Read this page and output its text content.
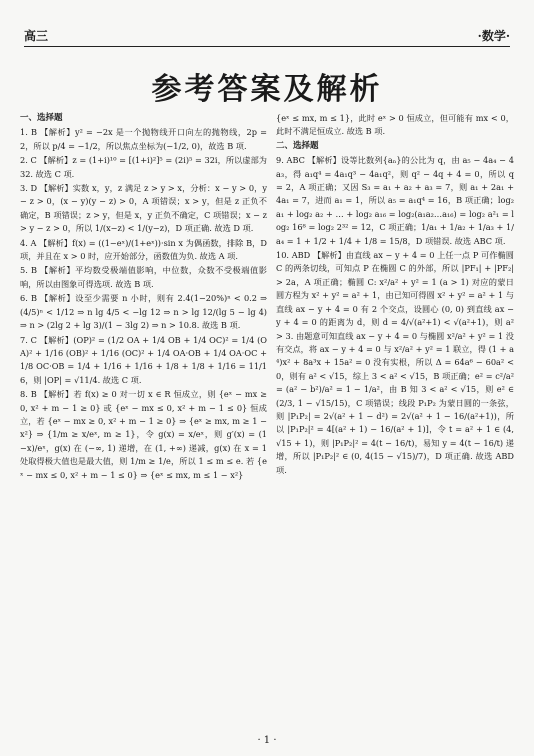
高三	·数学·
参考答案及解析
一、选择题
1. B 【解析】y² = −2x 是一个抛物线开口向左的抛物线，2p = 2，所以 p/4 = −1/2，所以焦点坐标为(−1/2, 0)，故选 B 项.
2. C 【解析】z = (1+i)¹⁰ = [(1+i)²]⁵ = (2i)⁵ = 32i，所以虚部为 32. 故选 C 项.
3. D 【解析】实数 x，y，z 满足 z > y > x，分析：x − y > 0，y − z > 0，(x − y)(y − z) > 0，A 项错误；x > y，但是 z 正负不确定，B 项错误；z > y，但是 x，y 正负不确定，C 项错误；x − z > y − z > 0，所以 1/(x−z) < 1/(y−z)，D 项正确. 故选 D 项.
4. A 【解析】f(x) = ((1−eˣ)/(1+eˣ))·sin x 为偶函数，排除 B，D 项，并且在 x > 0 时，应开始部分，函数值为负. 故选 A 项.
5. B 【解析】平均数受极端值影响，中位数，众数不受极端值影响，所以由图象可得选项. 故选 B 项.
6. B 【解析】设至少需要 n 小时，则有 2.4(1−20%)ⁿ < 0.2 ⇒ (4/5)ⁿ < 1/12 ⇒ n lg 4/5 < −lg 12 ⇒ n > lg 12/(lg 5 − lg 4) ⇒ n > (2lg 2 + lg 3)/(1 − 3lg 2) ⇒ n > 10.8. 故选 B 项.
7. C 【解析】(OP)² = (1/2 OA + 1/4 OB + 1/4 OC)² = 1/4 (OA)² + 1/16 (OB)² + 1/16 (OC)² + 1/4 OA·OB + 1/4 OA·OC + 1/8 OC·OB = 1/4 + 1/16 + 1/16 + 1/8 + 1/8 + 1/16 = 11/16，则 |OP| = √11/4. 故选 C 项.
8. B 【解析】若 f(x) ≥ 0 对一切 x ∈ R 恒成立，则 {eˣ − mx ≥ 0, x² + m − 1 ≥ 0} 或 {eˣ − mx ≤ 0, x² + m − 1 ≤ 0} 恒成立，若 {eˣ − mx ≥ 0, x² + m − 1 ≥ 0} ⇒ {eˣ ≥ mx, m ≥ 1 − x²} ⇒ {1/m ≥ x/eˣ, m ≥ 1}，令 g(x) = x/eˣ，则 g′(x) = (1−x)/eˣ，g(x) 在 (−∞, 1) 递增，在 (1, +∞) 递减，g(x) 在 x = 1 处取得极大值也是最大值，则 1/m ≥ 1/e，所以 1 ≤ m ≤ e. 若 {eˣ − mx ≤ 0, x² + m − 1 ≤ 0} ⇒ {eˣ ≤ mx, m ≤ 1 − x²}
{eˣ ≤ mx, m ≤ 1}，此时 eˣ > 0 恒成立，但可能有 mx < 0，此时不满足恒成立. 故选 B 项.
二、选择题
9. ABC 【解析】设等比数列{aₙ}的公比为 q，由 a₅ − 4a₄ − 4a₃，得 a₁q⁴ = 4a₁q³ − 4a₁q²，则 q² − 4q + 4 = 0，所以 q = 2，A 项正确；又因 S₃ = a₁ + a₂ + a₃ = 7，则 a₁ + 2a₁ + 4a₁ = 7，进而 a₁ = 1，所以 a₅ = a₁q⁴ = 16，B 项正确；log₂ a₁ + log₂ a₂ + … + log₂ a₁₆ = log₂(a₁a₂…a₁₆) = log₂ a²₁ = log₂ 16⁸ = log₂ 2³² = 12，C 项正确；1/a₁ + 1/a₂ + 1/a₃ + 1/a₄ = 1 + 1/2 + 1/4 + 1/8 = 15/8，D 项错误. 故选 ABC 项.
10. ABD 【解析】由直线 ax − y + 4 = 0 上任一点 P 可作椭圆 C 的两条切线，可知点 P 在椭圆 C 的外部，所以 |PF₁| + |PF₂| > 2a，A 项正确；椭圆 C: x²/a² + y² = 1 (a > 1) 对应的蒙日圆方程为 x² + y² = a² + 1，由已知可得圆 x² + y² = a² + 1 与直线 ax − y + 4 = 0 有 2 个交点，设圆心 (0, 0) 到直线 ax − y + 4 = 0 的距离为 d，则 d = 4/√(a²+1) < √(a²+1)，则 a² > 3. 由题意可知直线 ax − y + 4 = 0 与椭圆 x²/a² + y² = 1 没有交点，将 ax − y + 4 = 0 与 x²/a² + y² = 1 联立，得 (1 + a⁴)x² + 8a³x + 15a² = 0 没有实根，所以 Δ = 64a⁶ − 60a² < 0，则有 a² < √15，综上 3 < a² < √15，B 项正确；e² = c²/a² = (a² − b²)/a² = 1 − 1/a²，由 B 知 3 < a² < √15，则 e² ∈ (2/3, 1 − √15/15)，C 项错误；线段 P₁P₂ 为蒙日圆的一条弦，则 |P₁P₂| = 2√(a² + 1 − d²) = 2√(a² + 1 − 16/(a²+1))，所以 |P₁P₂|² = 4[(a² + 1) − 16/(a² + 1)]，令 t = a² + 1 ∈ (4, √15 + 1)，则 |P₁P₂|² = 4(t − 16/t)，易知 y = 4(t − 16/t) 递增，所以 |P₁P₂|² ∈ (0, 4(15 − √15)/7)，D 项正确. 故选 ABD 项.
· 1 ·
